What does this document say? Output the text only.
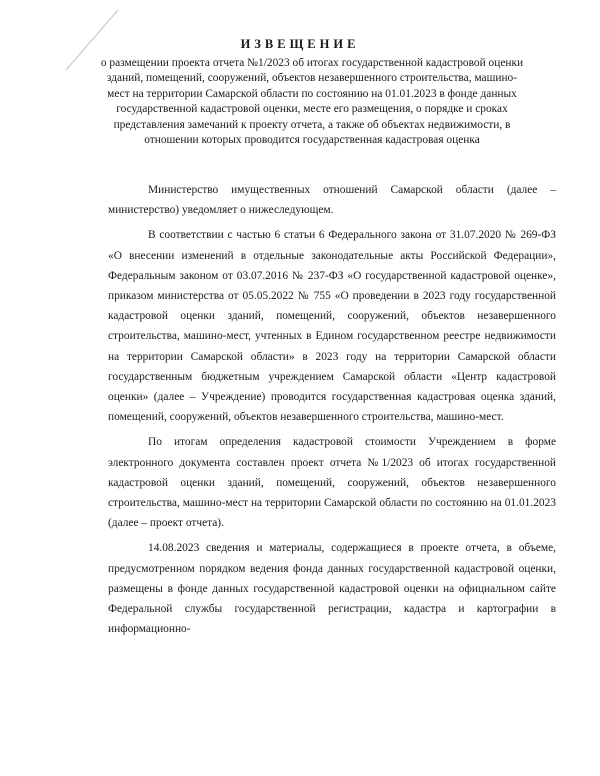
ИЗВЕЩЕНИЕ

о размещении проекта отчета №1/2023 об итогах государственной кадастровой оценки зданий, помещений, сооружений, объектов незавершенного строительства, машино-мест на территории Самарской области по состоянию на 01.01.2023 в фонде данных государственной кадастровой оценки, месте его размещения, о порядке и сроках представления замечаний к проекту отчета, а также об объектах недвижимости, в отношении которых проводится государственная кадастровая оценка

Министерство имущественных отношений Самарской области (далее – министерство) уведомляет о нижеследующем.

В соответствии с частью 6 статьи 6 Федерального закона от 31.07.2020 № 269-ФЗ «О внесении изменений в отдельные законодательные акты Российской Федерации», Федеральным законом от 03.07.2016 № 237-ФЗ «О государственной кадастровой оценке», приказом министерства от 05.05.2022 № 755 «О проведении в 2023 году государственной кадастровой оценки зданий, помещений, сооружений, объектов незавершенного строительства, машино-мест, учтенных в Едином государственном реестре недвижимости на территории Самарской области» в 2023 году на территории Самарской области государственным бюджетным учреждением Самарской области «Центр кадастровой оценки» (далее – Учреждение) проводится государственная кадастровая оценка зданий, помещений, сооружений, объектов незавершенного строительства, машино-мест.

По итогам определения кадастровой стоимости Учреждением в форме электронного документа составлен проект отчета №1/2023 об итогах государственной кадастровой оценки зданий, помещений, сооружений, объектов незавершенного строительства, машино-мест на территории Самарской области по состоянию на 01.01.2023 (далее – проект отчета).

14.08.2023 сведения и материалы, содержащиеся в проекте отчета, в объеме, предусмотренном порядком ведения фонда данных государственной кадастровой оценки, размещены в фонде данных государственной кадастровой оценки на официальном сайте Федеральной службы государственной регистрации, кадастра и картографии в информационно-
